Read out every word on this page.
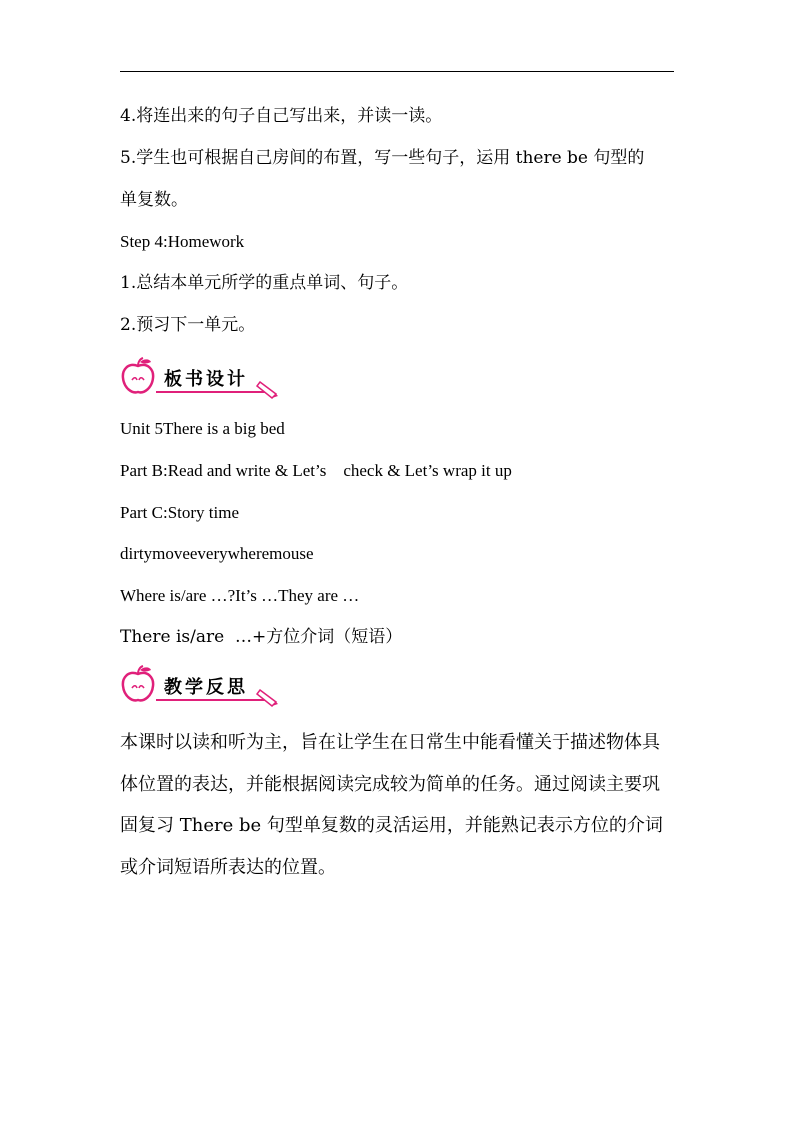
4.将连出来的句子自己写出来，并读一读。
5.学生也可根据自己房间的布置，写一些句子，运用 there be 句型的
单复数。
Step 4:Homework
1.总结本单元所学的重点单词、句子。
2.预习下一单元。
板书设计
Unit 5There is a big bed
Part B:Read and write & Let’s    check & Let’s wrap it up
Part C:Story time
dirtymoveeverywheremouse
Where is/are …?It’s …They are …
There is/are  …+方位介词（短语）
教学反思
本课时以读和听为主，旨在让学生在日常生中能看懂关于描述物体具体位置的表达，并能根据阅读完成较为简单的任务。通过阅读主要巩固复习 There be 句型单复数的灵活运用，并能熟记表示方位的介词或介词短语所表达的位置。
